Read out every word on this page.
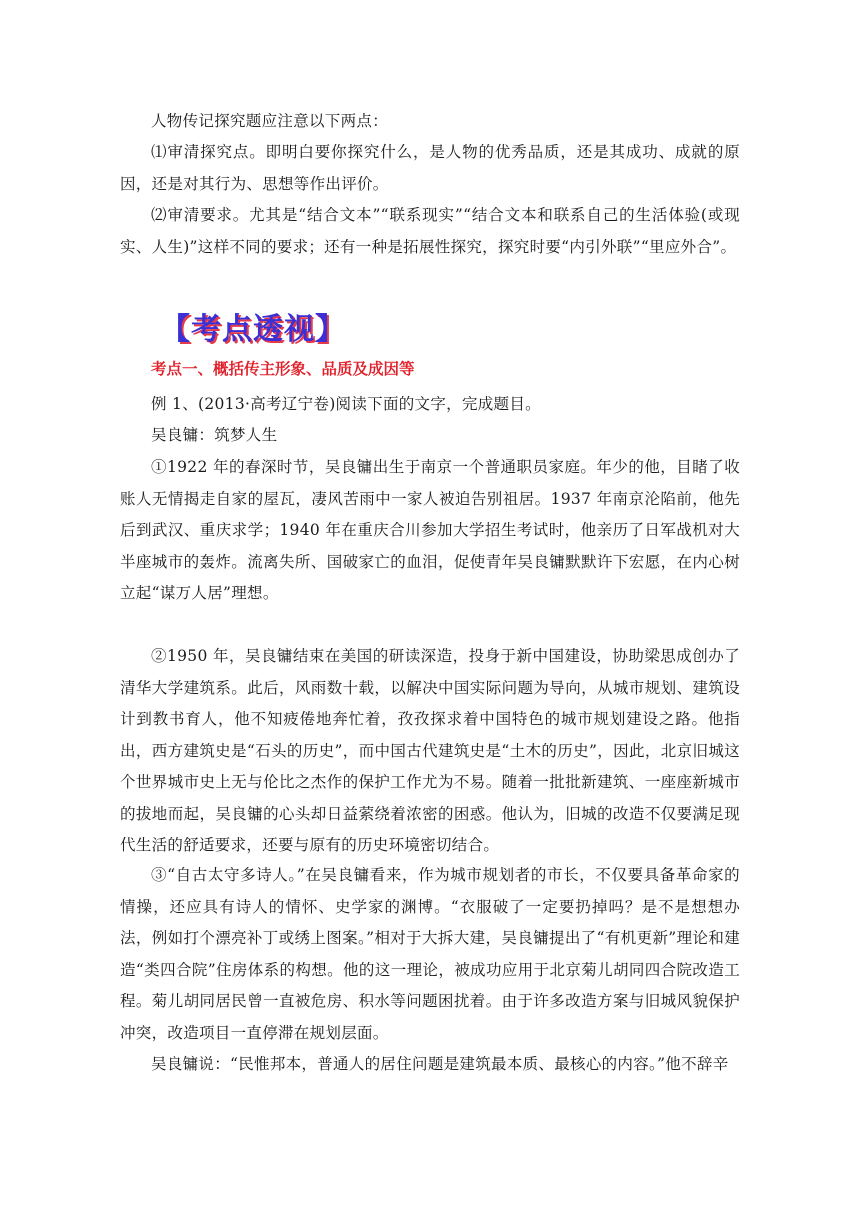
人物传记探究题应注意以下两点：

⑴审清探究点。即明白要你探究什么，是人物的优秀品质，还是其成功、成就的原因，还是对其行为、思想等作出评价。

⑵审清要求。尤其是“结合文本”“联系现实”“结合文本和联系自己的生活体验(或现实、人生)”这样不同的要求；还有一种是拓展性探究，探究时要“内引外联”“里应外合”。

【考点透视】
考点一、概括传主形象、品质及成因等

例 1、(2013·高考辽宁卷)阅读下面的文字，完成题目。

吴良镛：筑梦人生

①1922 年的春深时节，吴良镛出生于南京一个普通职员家庭。年少的他，目睹了收账人无情揭走自家的屋瓦，凄风苦雨中一家人被迫告别祖居。1937 年南京沦陷前，他先后到武汉、重庆求学；1940 年在重庆合川参加大学招生考试时，他亲历了日军战机对大半座城市的轰炸。流离失所、国破家亡的血泪，促使青年吴良镛默默许下宏愿，在内心树立起“谋万人居”理想。

②1950 年，吴良镛结束在美国的研读深造，投身于新中国建设，协助梁思成创办了清华大学建筑系。此后，风雨数十载，以解决中国实际问题为导向，从城市规划、建筑设计到教书育人，他不知疲倦地奔忙着，孜孜探求着中国特色的城市规划建设之路。他指出，西方建筑史是“石头的历史”，而中国古代建筑史是“土木的历史”，因此，北京旧城这个世界城市史上无与伦比之杰作的保护工作尤为不易。随着一批批新建筑、一座座新城市的拔地而起，吴良镛的心头却日益萦绕着浓密的困惑。他认为，旧城的改造不仅要满足现代生活的舒适要求，还要与原有的历史环境密切结合。

③“自古太守多诗人。”在吴良镛看来，作为城市规划者的市长，不仅要具备革命家的情操，还应具有诗人的情怀、史学家的渊博。“衣服破了一定要扔掉吗？是不是想想办法，例如打个漂亮补丁或绣上图案。”相对于大拆大建，吴良镛提出了“有机更新”理论和建造“类四合院”住房体系的构想。他的这一理论，被成功应用于北京菊儿胡同四合院改造工程。菊儿胡同居民曾一直被危房、积水等问题困扰着。由于许多改造方案与旧城风貌保护冲突，改造项目一直停滞在规划层面。

吴良镛说：“民惟邦本，普通人的居住问题是建筑最本质、最核心的内容。”他不辞辛
